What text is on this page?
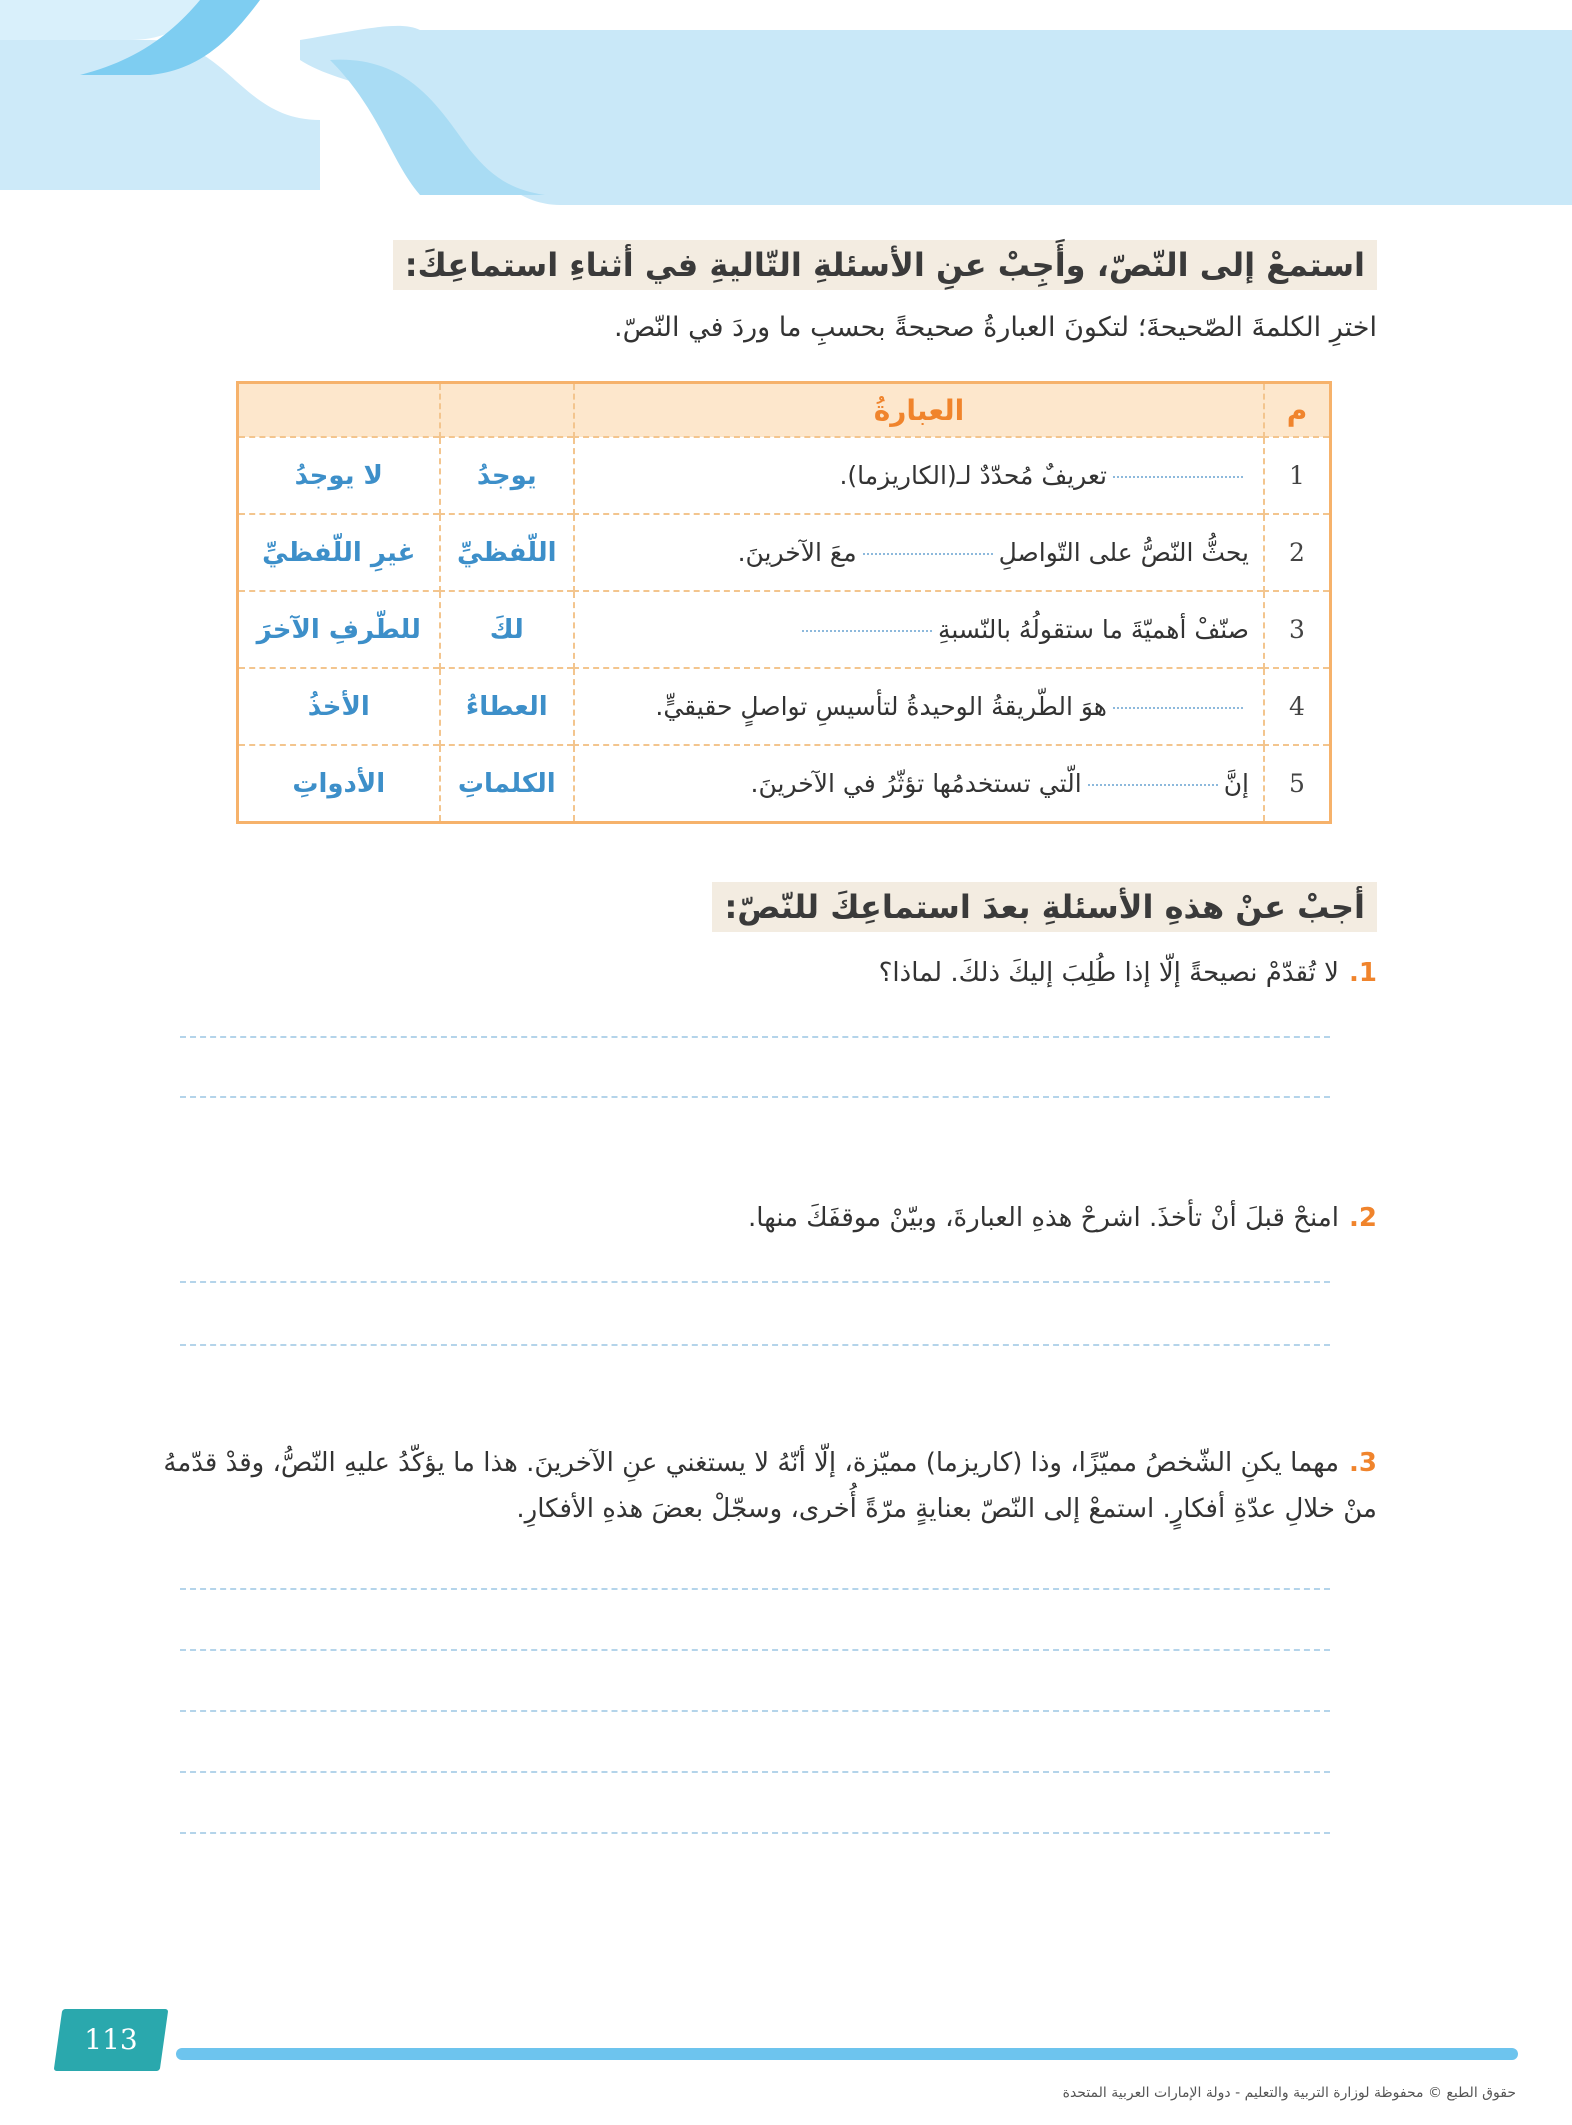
استمعْ إلى النّصّ، وأَجِبْ عنِ الأسئلةِ التّاليةِ في أثناءِ استماعِكَ:
اخترِ الكلمةَ الصّحيحةَ؛ لتكونَ العبارةُ صحيحةً بحسبِ ما وردَ في النّصّ.
م	العبارةُ		
1	تعريفٌ مُحدّدٌ لـ(الكاريزما).	يوجدُ	لا يوجدُ
2	يحثُّ النّصُّ على التّواصلِمعَ الآخرينَ.	اللّفظيِّ	غيرِ اللّفظيِّ
3	صنّفْ أهميّةَ ما ستقولُهُ بالنّسبةِ	لكَ	للطّرفِ الآخرَ
4	هوَ الطّريقةُ الوحيدةُ لتأسيسِ تواصلٍ حقيقيٍّ.	العطاءُ	الأخذُ
5	إنَّالّتي تستخدمُها تؤثّرُ في الآخرينَ.	الكلماتِ	الأدواتِ
أجبْ عنْ هذهِ الأسئلةِ بعدَ استماعِكَ للنّصّ:
1.لا تُقدّمْ نصيحةً إلّا إذا طُلِبَ إليكَ ذلكَ. لماذا؟
2.امنحْ قبلَ أنْ تأخذَ. اشرحْ هذهِ العبارةَ، وبيّنْ موقفَكَ منها.
3.مهما يكنِ الشّخصُ مميّزًا، وذا (كاريزما) مميّزة، إلّا أنّهُ لا يستغني عنِ الآخرينَ. هذا ما يؤكّدُ عليهِ النّصُّ، وقدْ قدّمهُ منْ خلالِ عدّةِ أفكارٍ. استمعْ إلى النّصّ بعنايةٍ مرّةً أُخرى، وسجّلْ بعضَ هذهِ الأفكارِ.
113
حقوق الطبع © محفوظة لوزارة التربية والتعليم - دولة الإمارات العربية المتحدة
